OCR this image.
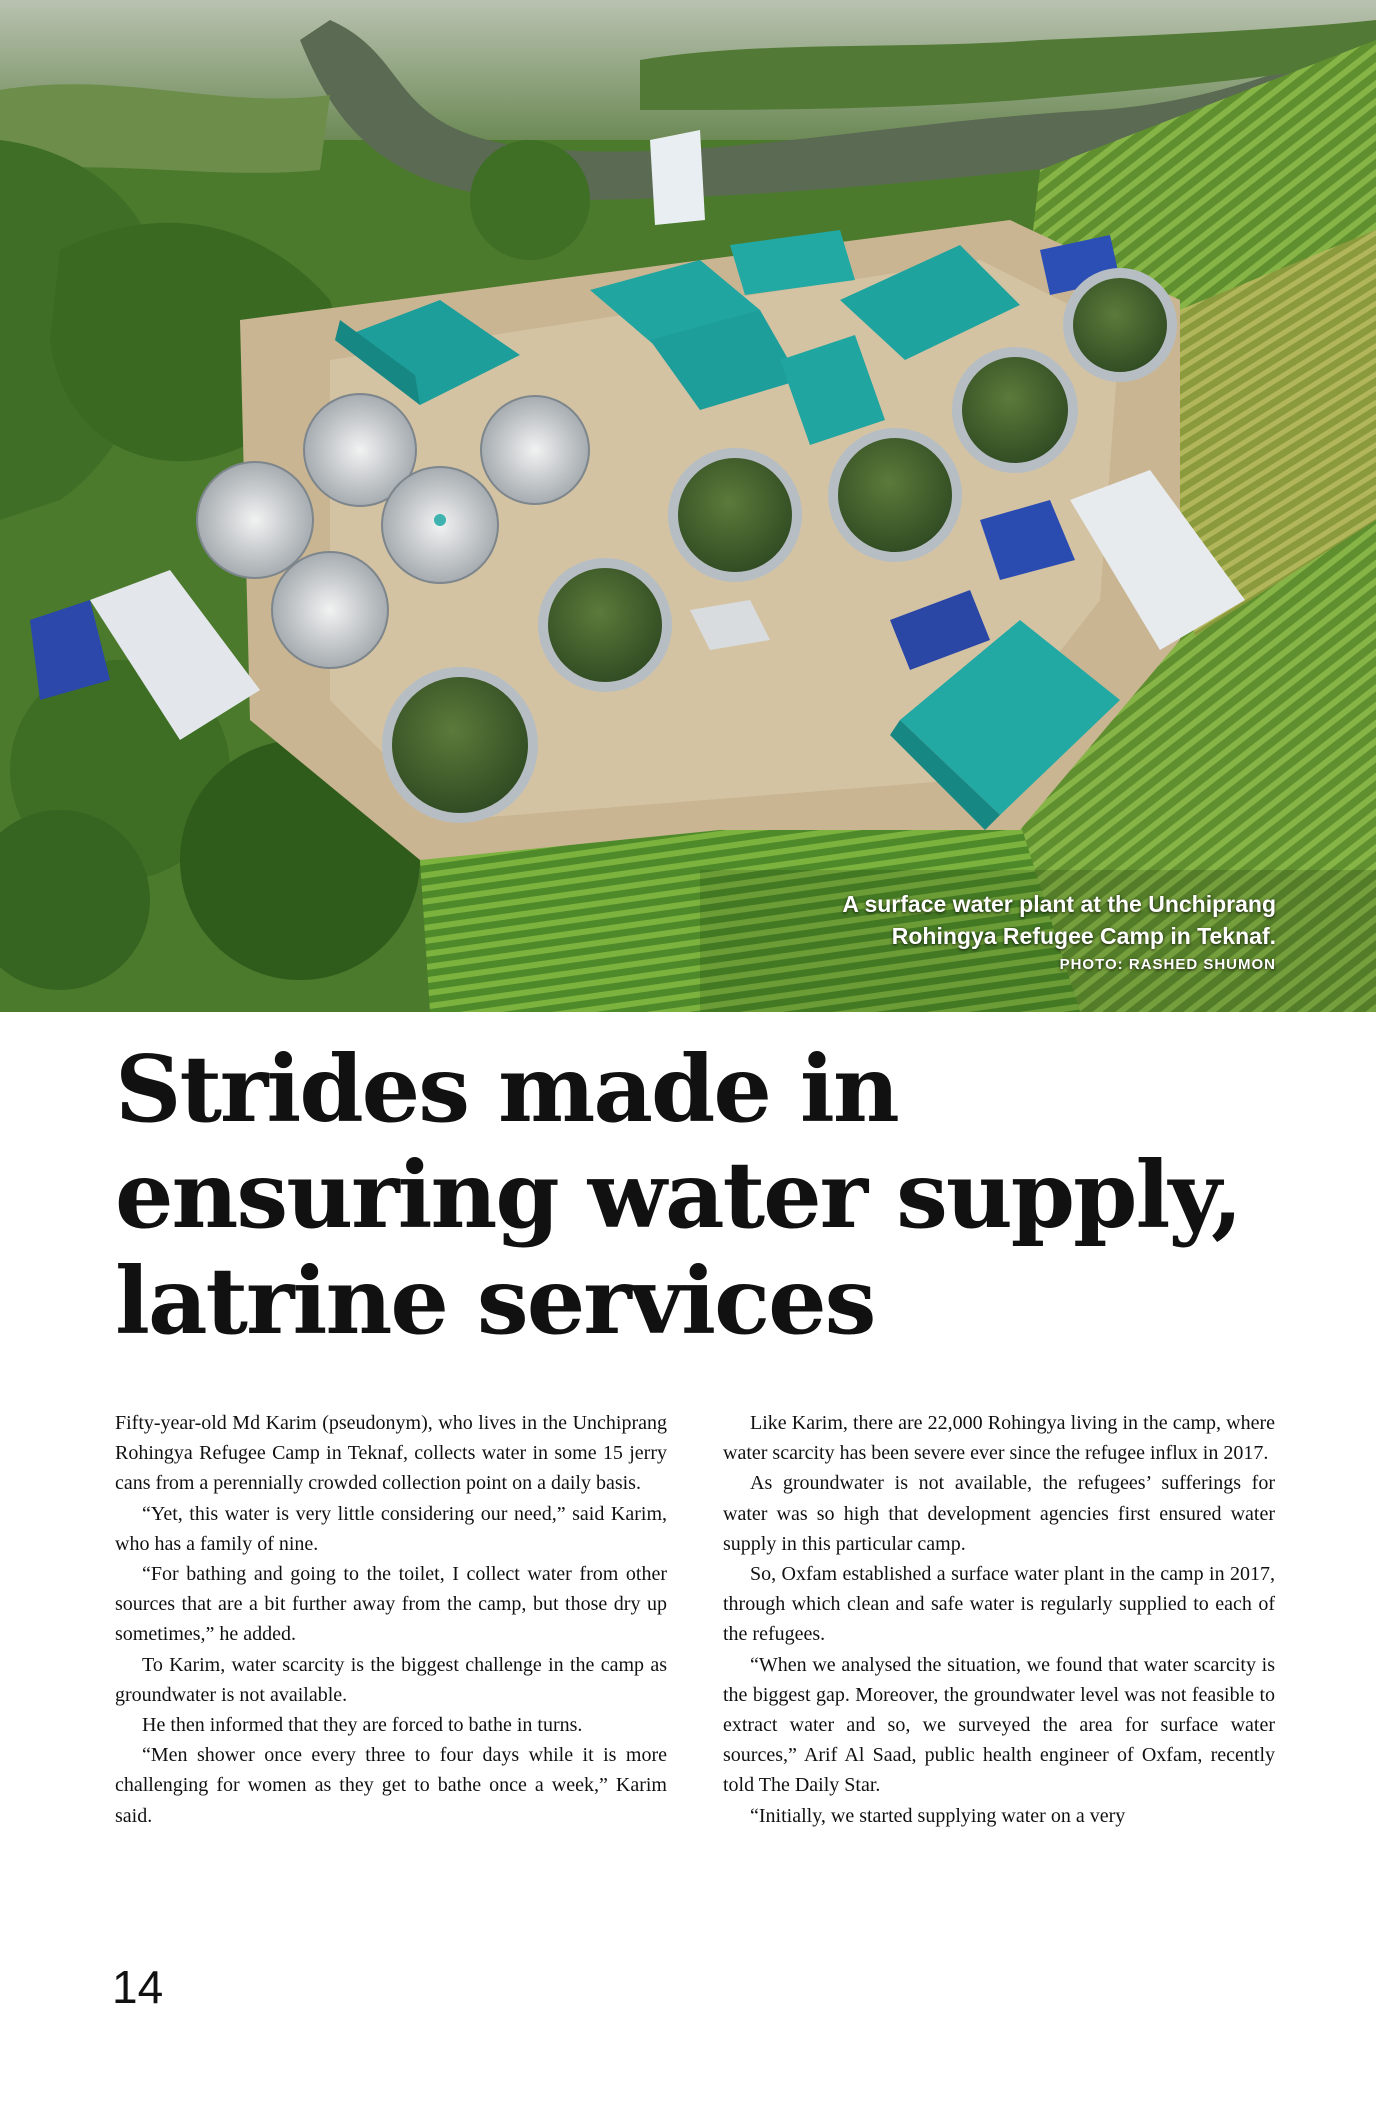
A surface water plant at the Unchiprang
Rohingya Refugee Camp in Teknaf.
PHOTO: RASHED SHUMON
Strides made in
ensuring water supply,
latrine services

Fifty-year-old Md Karim (pseudonym), who lives in the Unchiprang Rohingya Refugee Camp in Teknaf, collects water in some 15 jerry cans from a perennially crowded collection point on a daily basis.

“Yet, this water is very little considering our need,” said Karim, who has a family of nine.

“For bathing and going to the toilet, I collect water from other sources that are a bit further away from the camp, but those dry up sometimes,” he added.

To Karim, water scarcity is the biggest challenge in the camp as groundwater is not available.

He then informed that they are forced to bathe in turns.

“Men shower once every three to four days while it is more challenging for women as they get to bathe once a week,” Karim said.

Like Karim, there are 22,000 Rohingya living in the camp, where water scarcity has been severe ever since the refugee influx in 2017.

As groundwater is not available, the refugees’ sufferings for water was so high that development agencies first ensured water supply in this particular camp.

So, Oxfam established a surface water plant in the camp in 2017, through which clean and safe water is regularly supplied to each of the refugees.

“When we analysed the situation, we found that water scarcity is the biggest gap. Moreover, the groundwater level was not feasible to extract water and so, we surveyed the area for surface water sources,” Arif Al Saad, public health engineer of Oxfam, recently told The Daily Star.

“Initially, we started supplying water on a very

14
